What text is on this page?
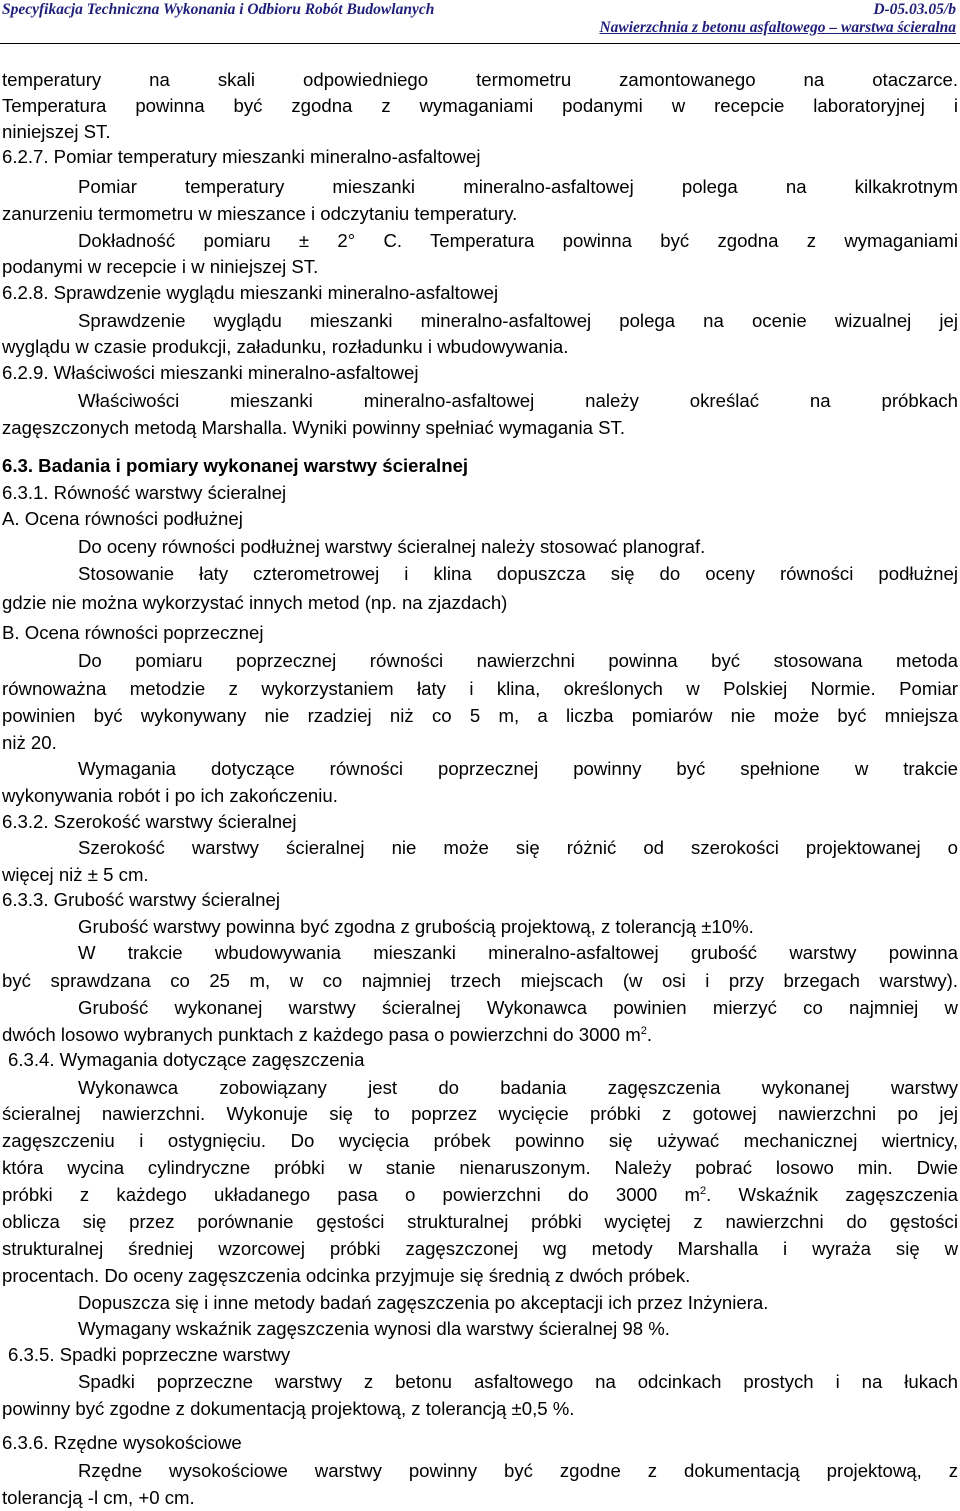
Specyfikacja Techniczna Wykonania i Odbioru Robót Budowlanych	D-05.03.05/b
Nawierzchnia z betonu asfaltowego – warstwa ścieralna
temperatury na skali odpowiedniego termometru zamontowanego na otaczarce.
Temperatura powinna być zgodna z wymaganiami podanymi w recepcie laboratoryjnej i
niniejszej ST.
6.2.7. Pomiar temperatury mieszanki mineralno-asfaltowej
Pomiar temperatury mieszanki mineralno-asfaltowej polega na kilkakrotnym
zanurzeniu termometru w mieszance i odczytaniu temperatury.
Dokładność pomiaru ± 2° C. Temperatura powinna być zgodna z wymaganiami
podanymi w recepcie i w niniejszej ST.
6.2.8. Sprawdzenie wyglądu mieszanki mineralno-asfaltowej
Sprawdzenie wyglądu mieszanki mineralno-asfaltowej polega na ocenie wizualnej jej
wyglądu w czasie produkcji, załadunku, rozładunku i wbudowywania.
6.2.9. Właściwości mieszanki mineralno-asfaltowej
Właściwości mieszanki mineralno-asfaltowej należy określać na próbkach
zagęszczonych metodą Marshalla. Wyniki powinny spełniać wymagania ST.
6.3. Badania i pomiary wykonanej warstwy ścieralnej
6.3.1. Równość warstwy ścieralnej
A. Ocena równości podłużnej
Do oceny równości podłużnej warstwy ścieralnej należy stosować planograf.
Stosowanie łaty czterometrowej i klina dopuszcza się do oceny równości podłużnej
gdzie nie można wykorzystać innych metod (np. na zjazdach)
B. Ocena równości poprzecznej
Do pomiaru poprzecznej równości nawierzchni powinna być stosowana metoda
równoważna metodzie z wykorzystaniem łaty i klina, określonych w Polskiej Normie. Pomiar
powinien być wykonywany nie rzadziej niż co 5 m, a liczba pomiarów nie może być mniejsza
niż 20.
Wymagania dotyczące równości poprzecznej powinny być spełnione w trakcie
wykonywania robót i po ich zakończeniu.
6.3.2. Szerokość warstwy ścieralnej
Szerokość warstwy ścieralnej nie może się różnić od szerokości projektowanej o
więcej niż ± 5 cm.
6.3.3. Grubość warstwy ścieralnej
Grubość warstwy powinna być zgodna z grubością projektową, z tolerancją ±10%.
W trakcie wbudowywania mieszanki mineralno-asfaltowej grubość warstwy powinna
być sprawdzana co 25 m, w co najmniej trzech miejscach (w osi i przy brzegach warstwy).
Grubość wykonanej warstwy ścieralnej Wykonawca powinien mierzyć co najmniej w
dwóch losowo wybranych punktach z każdego pasa o powierzchni do 3000 $m^2$.
6.3.4. Wymagania dotyczące zagęszczenia
Wykonawca zobowiązany jest do badania zagęszczenia wykonanej warstwy
ścieralnej nawierzchni. Wykonuje się to poprzez wycięcie próbki z gotowej nawierzchni po jej
zagęszczeniu i ostygnięciu. Do wycięcia próbek powinno się używać mechanicznej wiertnicy,
która wycina cylindryczne próbki w stanie nienaruszonym. Należy pobrać losowo min. Dwie
próbki z każdego układanego pasa o powierzchni do 3000 $m^2$. Wskaźnik zagęszczenia
oblicza się przez porównanie gęstości strukturalnej próbki wyciętej z nawierzchni do gęstości
strukturalnej średniej wzorcowej próbki zagęszczonej wg metody Marshalla i wyraża się w
procentach. Do oceny zagęszczenia odcinka przyjmuje się średnią z dwóch próbek.
Dopuszcza się i inne metody badań zagęszczenia po akceptacji ich przez Inżyniera.
Wymagany wskaźnik zagęszczenia wynosi dla warstwy ścieralnej 98 %.
6.3.5. Spadki poprzeczne warstwy
Spadki poprzeczne warstwy z betonu asfaltowego na odcinkach prostych i na łukach
powinny być zgodne z dokumentacją projektową, z tolerancją ±0,5 %.
6.3.6. Rzędne wysokościowe
Rzędne wysokościowe warstwy powinny być zgodne z dokumentacją projektową, z
tolerancją -l cm, +0 cm.
